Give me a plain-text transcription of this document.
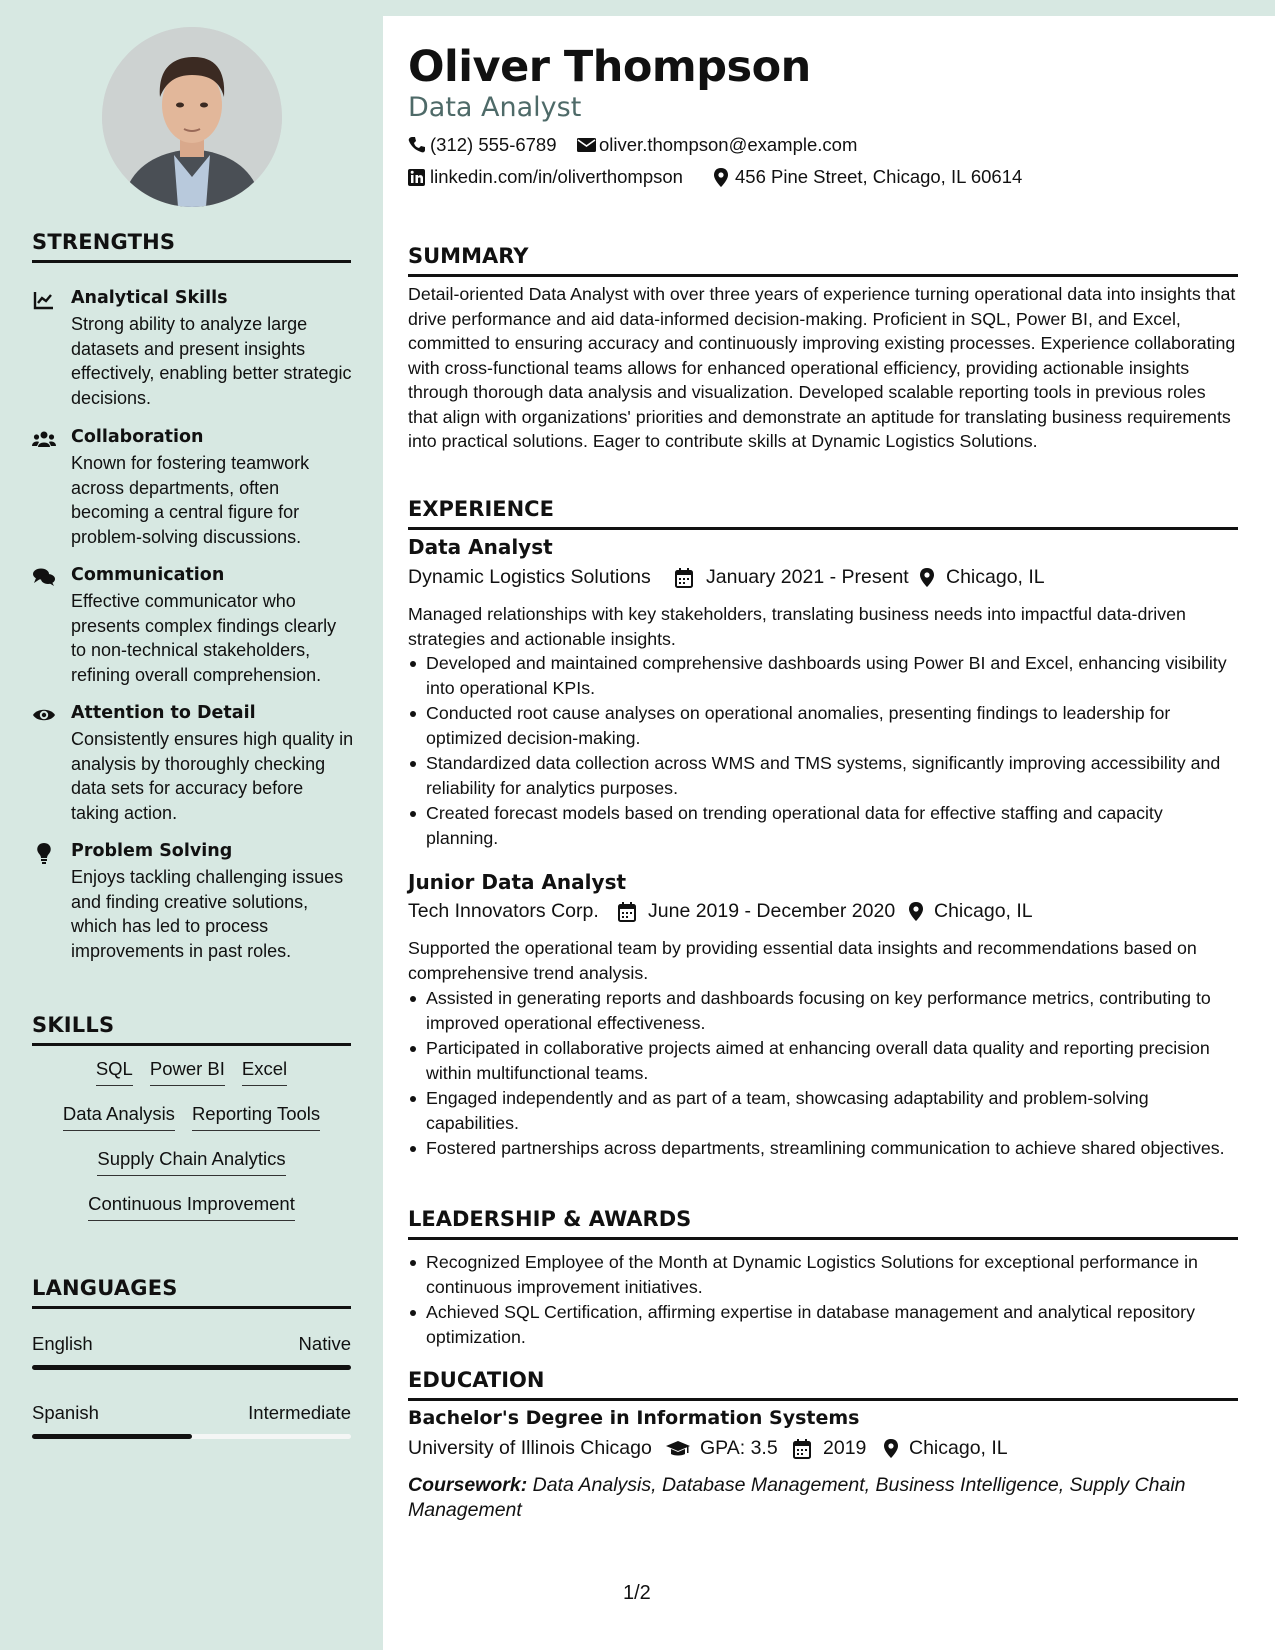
STRENGTHS
Analytical Skills
Strong ability to analyze large datasets and present insights effectively, enabling better strategic decisions.
Collaboration
Known for fostering teamwork across departments, often becoming a central figure for problem-solving discussions.
Communication
Effective communicator who presents complex findings clearly to non-technical stakeholders, refining overall comprehension.
Attention to Detail
Consistently ensures high quality in analysis by thoroughly checking data sets for accuracy before taking action.
Problem Solving
Enjoys tackling challenging issues and finding creative solutions, which has led to process improvements in past roles.
SKILLS
SQL Power BI Excel
Data Analysis Reporting Tools
Supply Chain Analytics
Continuous Improvement
LANGUAGES
English	Native
Spanish	Intermediate
Oliver Thompson
Data Analyst
(312) 555-6789 oliver.thompson@example.com
linkedin.com/in/oliverthompson	456 Pine Street, Chicago, IL 60614
SUMMARY
Detail-oriented Data Analyst with over three years of experience turning operational data into insights that drive performance and aid data-informed decision-making. Proficient in SQL, Power BI, and Excel, committed to ensuring accuracy and continuously improving existing processes. Experience collaborating with cross-functional teams allows for enhanced operational efficiency, providing actionable insights through thorough data analysis and visualization. Developed scalable reporting tools in previous roles that align with organizations' priorities and demonstrate an aptitude for translating business requirements into practical solutions. Eager to contribute skills at Dynamic Logistics Solutions.
EXPERIENCE
Data Analyst
Dynamic Logistics Solutions	January 2021 - Present Chicago, IL
Managed relationships with key stakeholders, translating business needs into impactful data-driven strategies and actionable insights.
Developed and maintained comprehensive dashboards using Power BI and Excel, enhancing visibility into operational KPIs.
Conducted root cause analyses on operational anomalies, presenting findings to leadership for optimized decision-making.
Standardized data collection across WMS and TMS systems, significantly improving accessibility and reliability for analytics purposes.
Created forecast models based on trending operational data for effective staffing and capacity planning.
Junior Data Analyst
Tech Innovators Corp.	June 2019 - December 2020 Chicago, IL
Supported the operational team by providing essential data insights and recommendations based on comprehensive trend analysis.
Assisted in generating reports and dashboards focusing on key performance metrics, contributing to improved operational effectiveness.
Participated in collaborative projects aimed at enhancing overall data quality and reporting precision within multifunctional teams.
Engaged independently and as part of a team, showcasing adaptability and problem-solving capabilities.
Fostered partnerships across departments, streamlining communication to achieve shared objectives.
LEADERSHIP & AWARDS
Recognized Employee of the Month at Dynamic Logistics Solutions for exceptional performance in continuous improvement initiatives.
Achieved SQL Certification, affirming expertise in database management and analytical repository optimization.
EDUCATION
Bachelor's Degree in Information Systems
University of Illinois Chicago GPA: 3.5 2019 Chicago, IL
Coursework: Data Analysis, Database Management, Business Intelligence, Supply Chain Management
1/2
